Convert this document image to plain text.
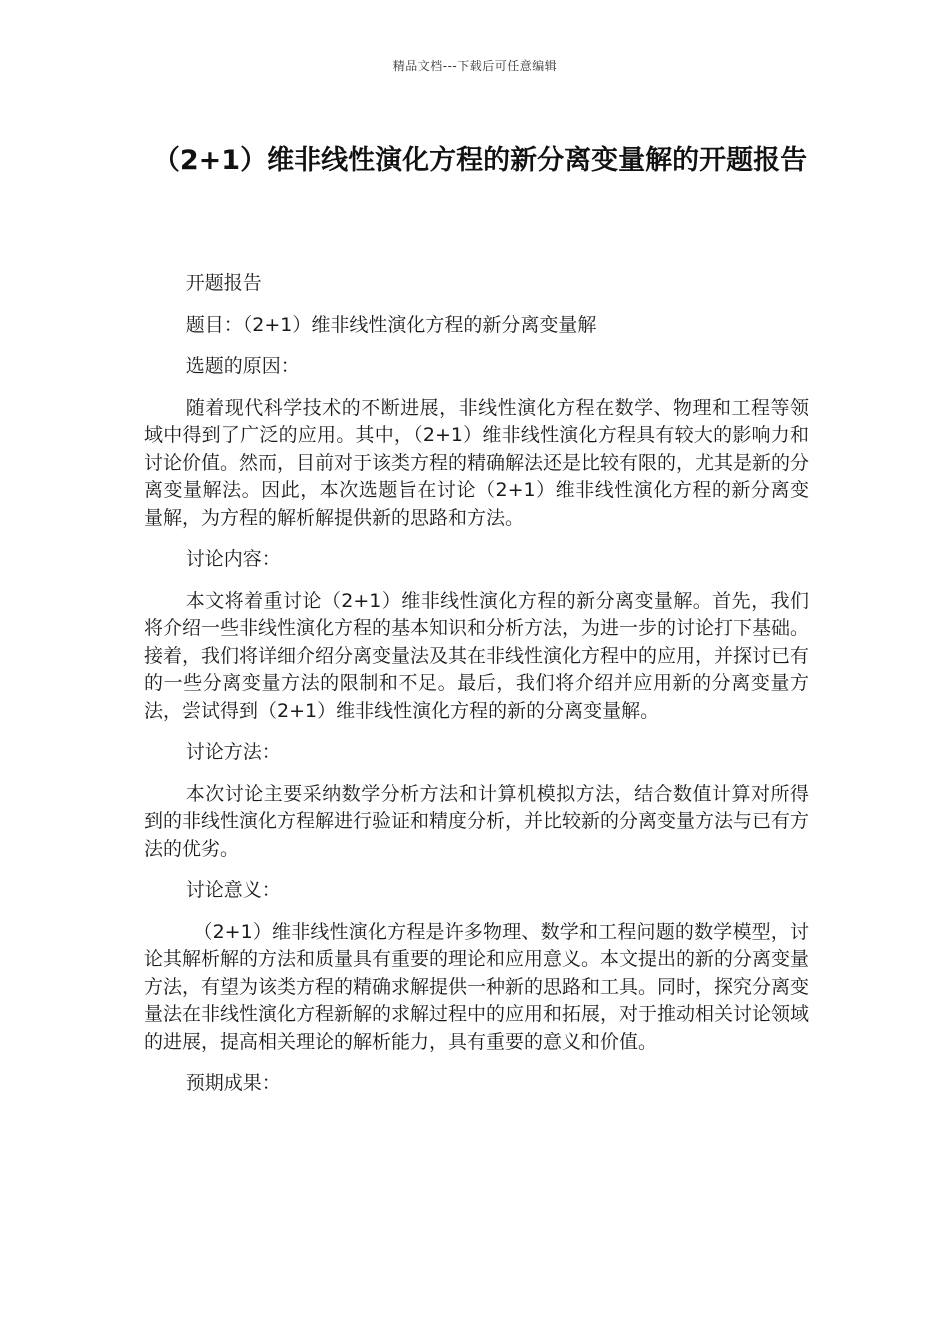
精品文档---下载后可任意编辑
（2+1）维非线性演化方程的新分离变量解的开题报告

开题报告

题目：（2+1）维非线性演化方程的新分离变量解

选题的原因：

随着现代科学技术的不断进展，非线性演化方程在数学、物理和工程等领域中得到了广泛的应用。其中，（2+1）维非线性演化方程具有较大的影响力和讨论价值。然而，目前对于该类方程的精确解法还是比较有限的，尤其是新的分离变量解法。因此，本次选题旨在讨论（2+1）维非线性演化方程的新分离变量解，为方程的解析解提供新的思路和方法。

讨论内容：

本文将着重讨论（2+1）维非线性演化方程的新分离变量解。首先，我们将介绍一些非线性演化方程的基本知识和分析方法，为进一步的讨论打下基础。接着，我们将详细介绍分离变量法及其在非线性演化方程中的应用，并探讨已有的一些分离变量方法的限制和不足。最后，我们将介绍并应用新的分离变量方法，尝试得到（2+1）维非线性演化方程的新的分离变量解。

讨论方法：

本次讨论主要采纳数学分析方法和计算机模拟方法，结合数值计算对所得到的非线性演化方程解进行验证和精度分析，并比较新的分离变量方法与已有方法的优劣。

讨论意义：

（2+1）维非线性演化方程是许多物理、数学和工程问题的数学模型，讨论其解析解的方法和质量具有重要的理论和应用意义。本文提出的新的分离变量方法，有望为该类方程的精确求解提供一种新的思路和工具。同时，探究分离变量法在非线性演化方程新解的求解过程中的应用和拓展，对于推动相关讨论领域的进展，提高相关理论的解析能力，具有重要的意义和价值。

预期成果：
